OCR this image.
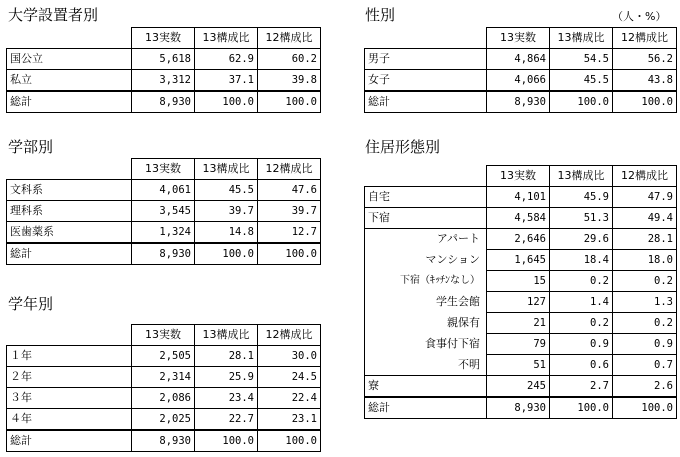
大学設置者別
	13実数	13構成比	12構成比
国公立	5,618	62.9	60.2
私立	3,312	37.1	39.8
総計	8,930	100.0	100.0
性別	（人・%）
	13実数	13構成比	12構成比
男子	4,864	54.5	56.2
女子	4,066	45.5	43.8
総計	8,930	100.0	100.0
学部別
	13実数	13構成比	12構成比
文科系	4,061	45.5	47.6
理科系	3,545	39.7	39.7
医歯薬系	1,324	14.8	12.7
総計	8,930	100.0	100.0
学年別
	13実数	13構成比	12構成比
１年	2,505	28.1	30.0
２年	2,314	25.9	24.5
３年	2,086	23.4	22.4
４年	2,025	22.7	23.1
総計	8,930	100.0	100.0
住居形態別
	13実数	13構成比	12構成比
自宅	4,101	45.9	47.9
下宿	4,584	51.3	49.4
アパート	2,646	29.6	28.1
マンション	1,645	18.4	18.0
下宿（ｷｯﾁﾝなし）	15	0.2	0.2
学生会館	127	1.4	1.3
親保有	21	0.2	0.2
食事付下宿	79	0.9	0.9
不明	51	0.6	0.7
寮	245	2.7	2.6
総計	8,930	100.0	100.0
